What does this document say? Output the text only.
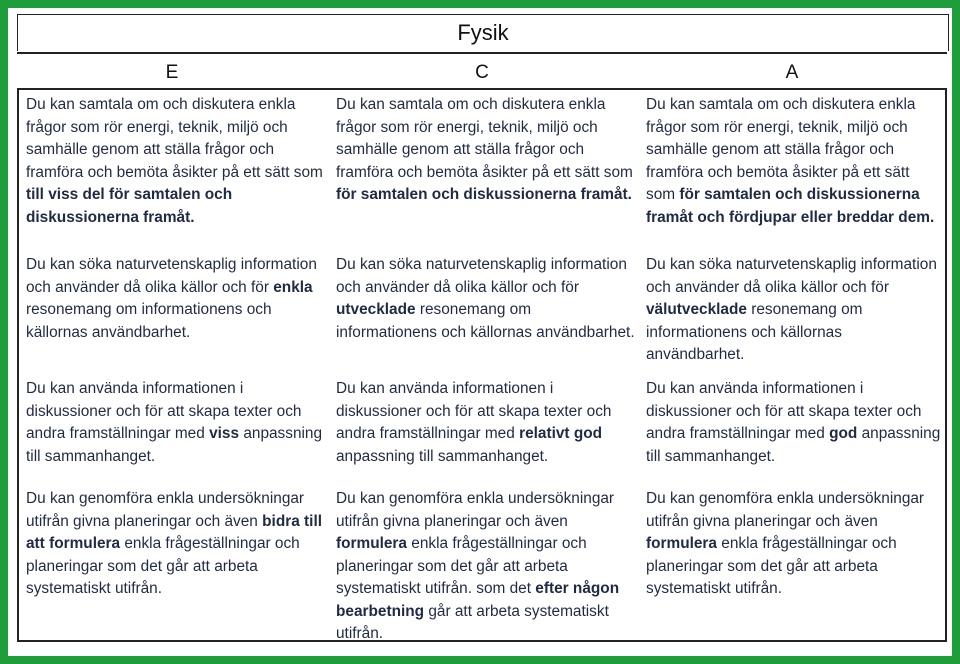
Fysik
E	C	A
Du kan samtala om och diskutera enkla frågor som rör energi, teknik, miljö och samhälle genom att ställa frågor och framföra och bemöta åsikter på ett sätt som till viss del för samtalen och diskussionerna framåt.
Du kan samtala om och diskutera enkla frågor som rör energi, teknik, miljö och samhälle genom att ställa frågor och framföra och bemöta åsikter på ett sätt som för samtalen och diskussionerna framåt.
Du kan samtala om och diskutera enkla frågor som rör energi, teknik, miljö och samhälle genom att ställa frågor och framföra och bemöta åsikter på ett sätt som för samtalen och diskussionerna framåt och fördjupar eller breddar dem.
Du kan söka naturvetenskaplig information och använder då olika källor och för enkla resonemang om informationens och källornas användbarhet.
Du kan söka naturvetenskaplig information och använder då olika källor och för utvecklade resonemang om informationens och källornas användbarhet.
Du kan söka naturvetenskaplig information och använder då olika källor och för välutvecklade resonemang om informationens och källornas användbarhet.
Du kan använda informationen i diskussioner och för att skapa texter och andra framställningar med viss anpassning till sammanhanget.
Du kan använda informationen i diskussioner och för att skapa texter och andra framställningar med relativt god anpassning till sammanhanget.
Du kan använda informationen i diskussioner och för att skapa texter och andra framställningar med god anpassning till sammanhanget.
Du kan genomföra enkla undersökningar utifrån givna planeringar och även bidra till att formulera enkla frågeställningar och planeringar som det går att arbeta systematiskt utifrån.
Du kan genomföra enkla undersökningar utifrån givna planeringar och även formulera enkla frågeställningar och planeringar som det går att arbeta systematiskt utifrån. som det efter någon bearbetning går att arbeta systematiskt utifrån.
Du kan genomföra enkla undersökningar utifrån givna planeringar och även formulera enkla frågeställningar och planeringar som det går att arbeta systematiskt utifrån.
